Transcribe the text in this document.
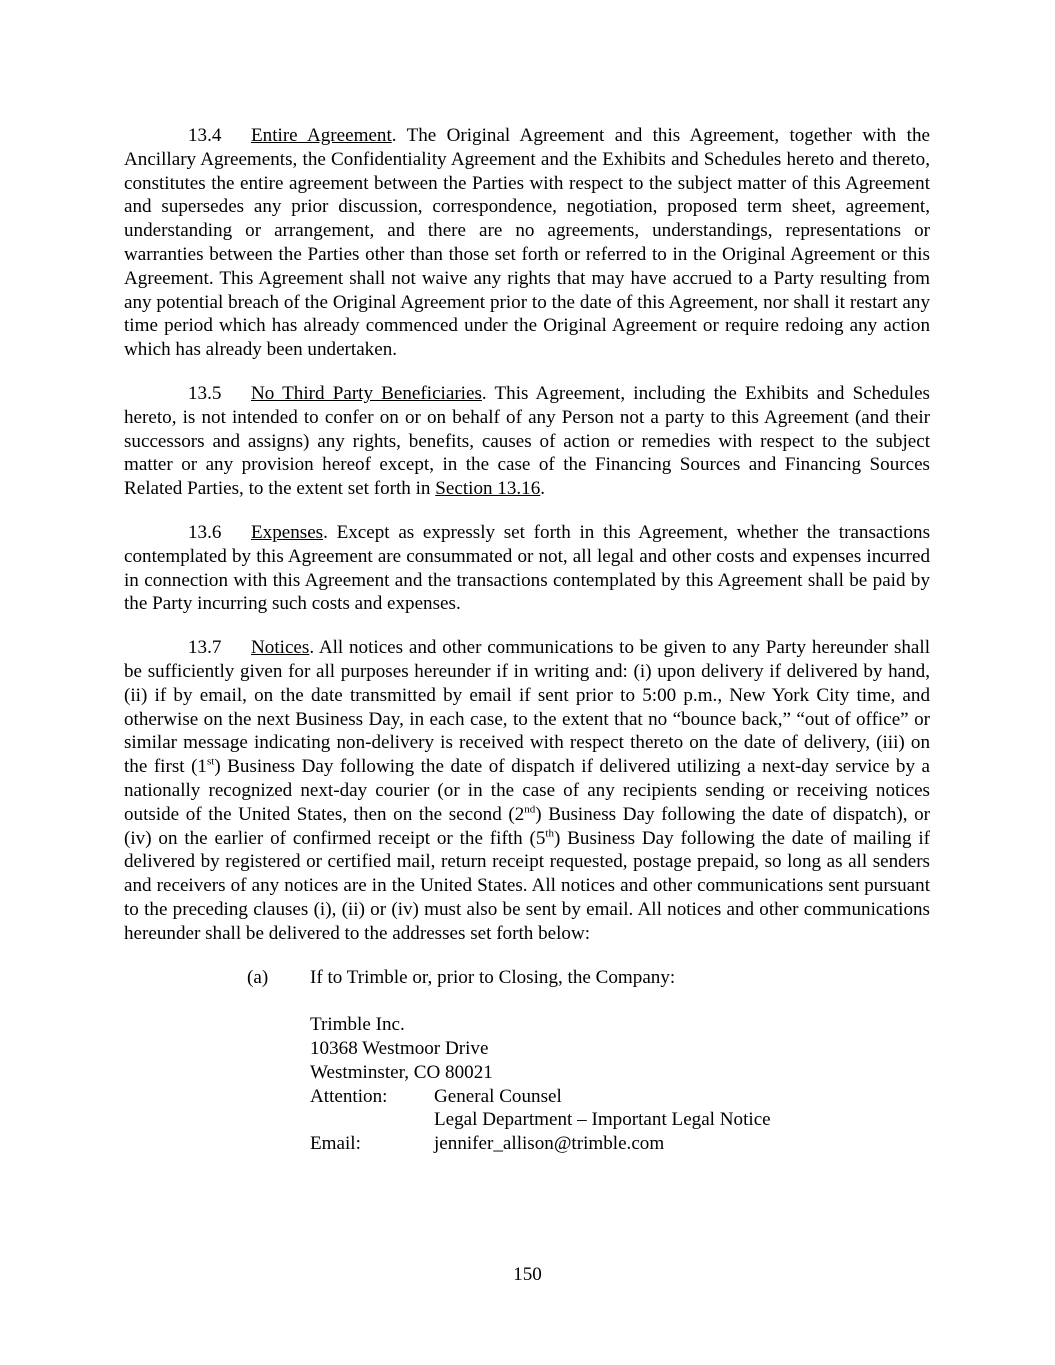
13.4 Entire Agreement. The Original Agreement and this Agreement, together with the Ancillary Agreements, the Confidentiality Agreement and the Exhibits and Schedules hereto and thereto, constitutes the entire agreement between the Parties with respect to the subject matter of this Agreement and supersedes any prior discussion, correspondence, negotiation, proposed term sheet, agreement, understanding or arrangement, and there are no agreements, understandings, representations or warranties between the Parties other than those set forth or referred to in the Original Agreement or this Agreement. This Agreement shall not waive any rights that may have accrued to a Party resulting from any potential breach of the Original Agreement prior to the date of this Agreement, nor shall it restart any time period which has already commenced under the Original Agreement or require redoing any action which has already been undertaken.

13.5 No Third Party Beneficiaries. This Agreement, including the Exhibits and Schedules hereto, is not intended to confer on or on behalf of any Person not a party to this Agreement (and their successors and assigns) any rights, benefits, causes of action or remedies with respect to the subject matter or any provision hereof except, in the case of the Financing Sources and Financing Sources Related Parties, to the extent set forth in Section 13.16.

13.6 Expenses. Except as expressly set forth in this Agreement, whether the transactions contemplated by this Agreement are consummated or not, all legal and other costs and expenses incurred in connection with this Agreement and the transactions contemplated by this Agreement shall be paid by the Party incurring such costs and expenses.

13.7 Notices. All notices and other communications to be given to any Party hereunder shall be sufficiently given for all purposes hereunder if in writing and: (i) upon delivery if delivered by hand, (ii) if by email, on the date transmitted by email if sent prior to 5:00 p.m., New York City time, and otherwise on the next Business Day, in each case, to the extent that no “bounce back,” “out of office” or similar message indicating non-delivery is received with respect thereto on the date of delivery, (iii) on the first (1st) Business Day following the date of dispatch if delivered utilizing a next-day service by a nationally recognized next-day courier (or in the case of any recipients sending or receiving notices outside of the United States, then on the second (2nd) Business Day following the date of dispatch), or (iv) on the earlier of confirmed receipt or the fifth (5th) Business Day following the date of mailing if delivered by registered or certified mail, return receipt requested, postage prepaid, so long as all senders and receivers of any notices are in the United States. All notices and other communications sent pursuant to the preceding clauses (i), (ii) or (iv) must also be sent by email. All notices and other communications hereunder shall be delivered to the addresses set forth below:

(a) If to Trimble or, prior to Closing, the Company:
Trimble Inc.
10368 Westmoor Drive
Westminster, CO 80021
Attention:	General Counsel
Legal Department – Important Legal Notice
Email:	jennifer_allison@trimble.com
150
